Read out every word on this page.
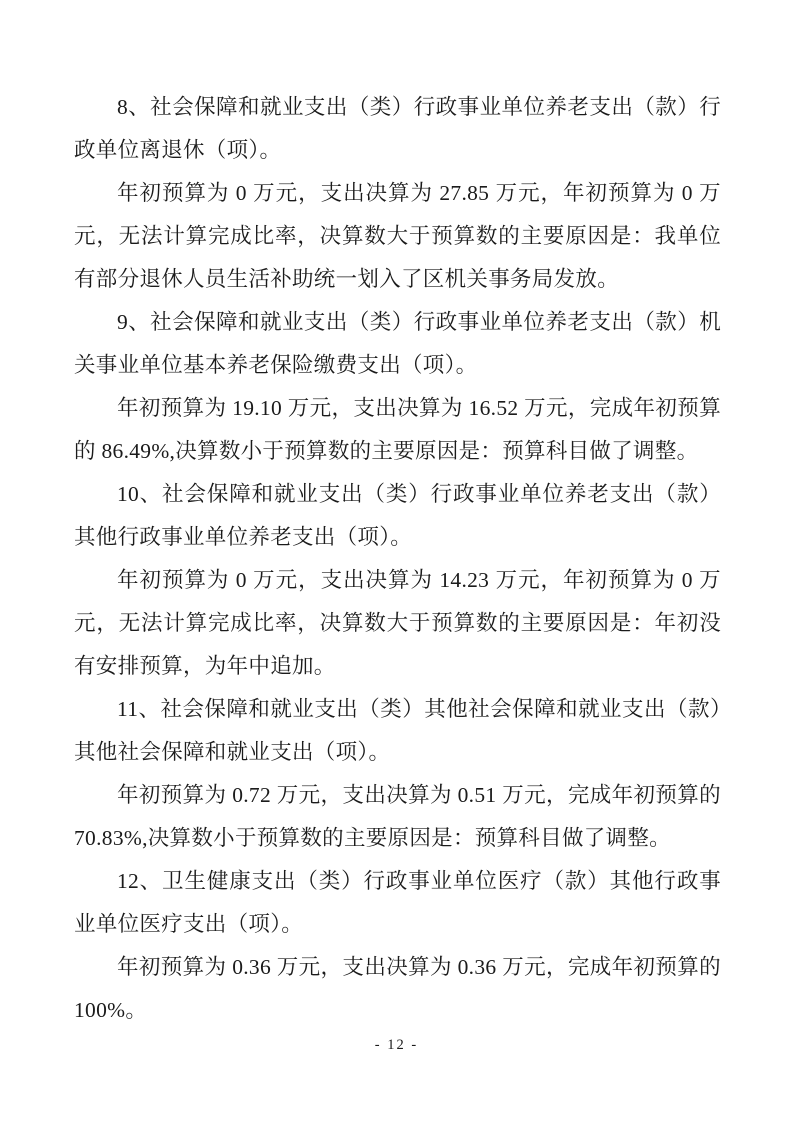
8、社会保障和就业支出（类）行政事业单位养老支出（款）行政单位离退休（项）。

年初预算为 0 万元，支出决算为 27.85 万元，年初预算为 0 万元，无法计算完成比率，决算数大于预算数的主要原因是：我单位有部分退休人员生活补助统一划入了区机关事务局发放。

9、社会保障和就业支出（类）行政事业单位养老支出（款）机关事业单位基本养老保险缴费支出（项）。

年初预算为 19.10 万元，支出决算为 16.52 万元，完成年初预算的 86.49%,决算数小于预算数的主要原因是：预算科目做了调整。

10、社会保障和就业支出（类）行政事业单位养老支出（款）其他行政事业单位养老支出（项）。

年初预算为 0 万元，支出决算为 14.23 万元，年初预算为 0 万元，无法计算完成比率，决算数大于预算数的主要原因是：年初没有安排预算，为年中追加。

11、社会保障和就业支出（类）其他社会保障和就业支出（款）其他社会保障和就业支出（项）。

年初预算为 0.72 万元，支出决算为 0.51 万元，完成年初预算的 70.83%,决算数小于预算数的主要原因是：预算科目做了调整。

12、卫生健康支出（类）行政事业单位医疗（款）其他行政事业单位医疗支出（项）。

年初预算为 0.36 万元，支出决算为 0.36 万元，完成年初预算的 100%。

- 12 -
